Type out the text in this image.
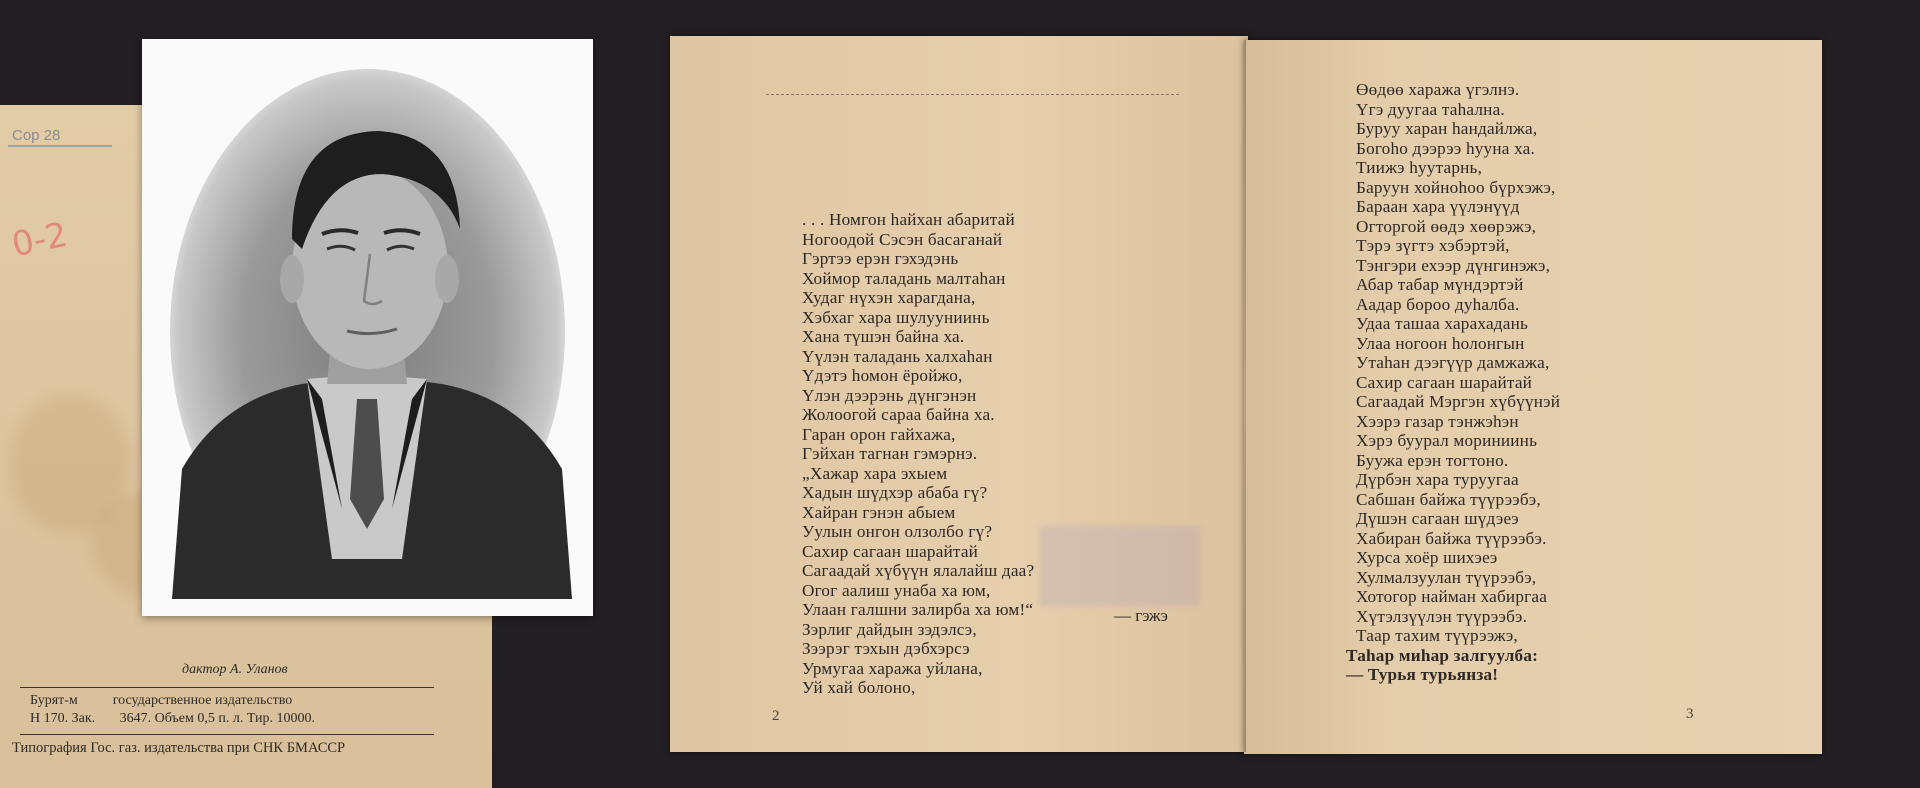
Сор 28
0-2
дактор А. Уланов
Бурят-м          государственное издательство
Н 170. Зак.       3647. Объем 0,5 п. л. Тир. 10000.
Типография Гос. газ. издательства при СНК БМАССР
. . . Номгон һайхан абаритай
Ногоодой Сэсэн басаганай
Гэртээ ерэн гэхэдэнь
Хоймор таладань малтаһан
Худаг нүхэн харагдана,
Хэбхаг хара шулууниинь
Хана түшэн байна ха.
Үүлэн таладань халхаһан
Үдэтэ һомон ёройжо,
Үлэн дээрэнь дүнгэнэн
Жолоогой сараа байна ха.
Гаран орон гайхажа,
Гэйхан тагнан гэмэрнэ.
„Хажар хара эхыем
Хадын шүдхэр абаба гү?
Хайран гэнэн абыем
Уулын онгон олзолбо гү?
Сахир сагаан шарайтай
Сагаадай хүбүүн ялалайш даа?
Огог аалиш унаба ха юм,
Улаан галшни залирба ха юм!“
Зэрлиг дайдын зэдэлсэ,
Зээрэг тэхын дэбхэрсэ
Урмугаа хаража уйлана,
Уй хай болоно,
— гэжэ
2
Өөдөө хаража үгэлнэ.
Үгэ дуугаа таһална.
Буруу харан һандайлжа,
Богоһо дээрээ һууна ха.
Тиижэ һуутарнь,
Баруун хойноһоо бүрхэжэ,
Бараан хара үүлэнүүд
Огторгой өөдэ хөөрэжэ,
Тэрэ зүгтэ хэбэртэй,
Тэнгэри ехээр дүнгинэжэ,
Абар табар мүндэртэй
Аадар бороо дуһалба.
Удаа ташаа харахадань
Улаа ногоон һолонгын
Утаһан дээгүүр дамжажа,
Сахир сагаан шарайтай
Сагаадай Мэргэн хүбүүнэй
Хээрэ газар тэнжэһэн
Хэрэ буурал мориниинь
Буужа ерэн тогтоно.
Дүрбэн хара туруугаа
Сабшан байжа түүрээбэ,
Дүшэн сагаан шүдэеэ
Хабиран байжа түүрээбэ.
Хурса хоёр шихэеэ
Хулмалзуулан түүрээбэ,
Хотогор найман хабиргаа
Хүтэлзүүлэн түүрээбэ.
Таар тахим түүрээжэ,
Таһар миһар залгуулба:
— Турья турьянза!
3
